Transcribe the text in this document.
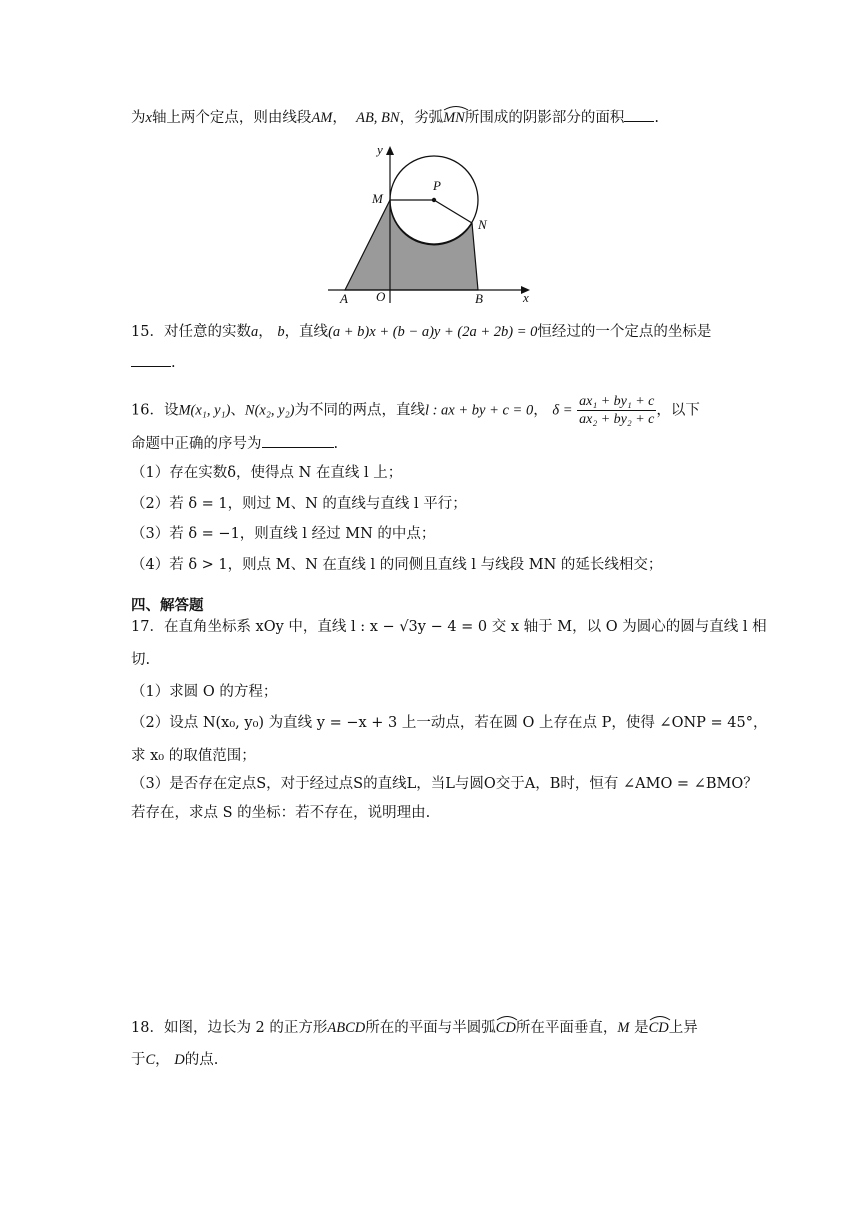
为x轴上两个定点，则由线段AM， AB, BN，劣弧
MN所围成的阴影部分的面积 .
y
x
M
P
N
A O	B
15．对任意的实数a， b，直线(a + b)x + (b − a)y + (2a + 2b) = 0恒经过的一个定点的坐标是
.
16．设M(x₁, y₁)、N(x₂, y₂)为不同的两点，直线l : ax + by + c = 0， $\delta = \frac{\text{ax₁ + by₁ + c}}{\text{ax₂ + by₂ + c}}$ ，以下
命题中正确的序号为	.
（1）存在实数δ，使得点 N 在直线 l 上；
（2）若 δ = 1，则过 M、N 的直线与直线 l 平行；
（3）若 δ = −1，则直线 l 经过 MN 的中点；
（4）若 δ > 1，则点 M、N 在直线 l 的同侧且直线 l 与线段 MN 的延长线相交；
四、解答题
17．在直角坐标系 xOy 中，直线 l : x − √3y − 4 = 0 交 x 轴于 M，以 O 为圆心的圆与直线 l 相
切.
（1）求圆 O 的方程；
（2）设点 N(x₀, y₀) 为直线 y = −x + 3 上一动点，若在圆 O 上存在点 P，使得 ∠ONP = 45°，
求 x₀ 的取值范围；
（3）是否存在定点S，对于经过点S的直线L，当L与圆O交于A，B时，恒有 ∠AMO = ∠BMO？
若存在，求点 S 的坐标：若不存在，说明理由.
18．如图，边长为 2 的正方形ABCD所在的平面与半圆弧
CD所在平面垂直，M 是
CD上异
于C， D的点.
